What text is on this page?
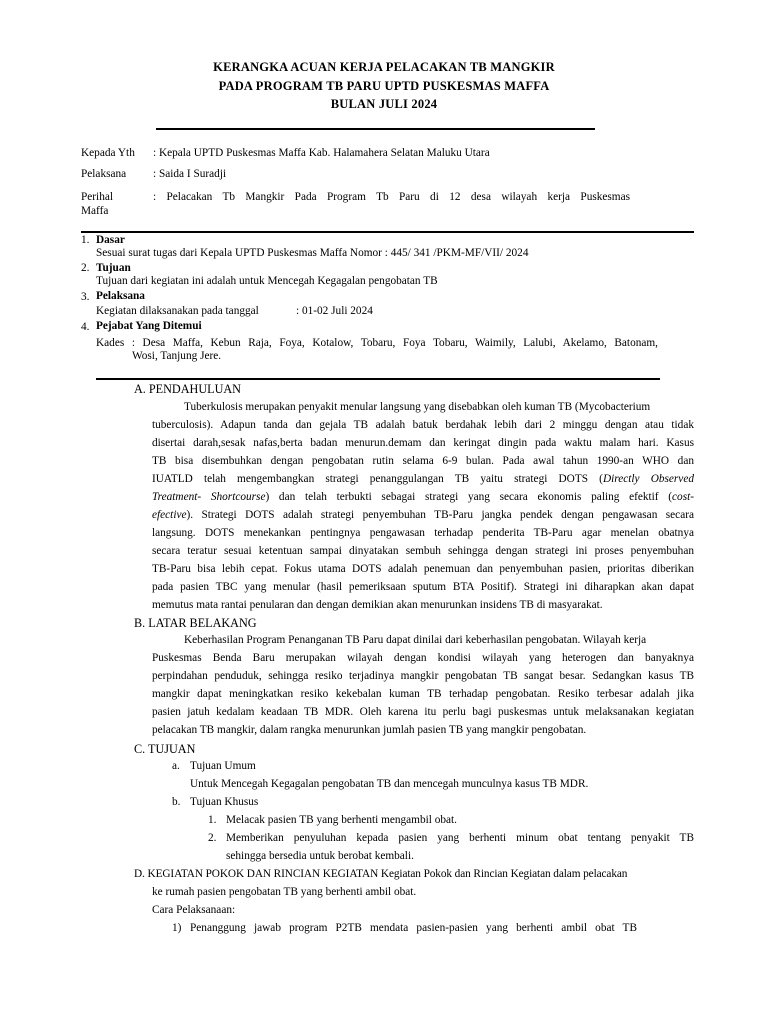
KERANGKA ACUAN KERJA PELACAKAN TB MANGKIR
PADA PROGRAM TB PARU UPTD PUSKESMAS MAFFA
BULAN JULI 2024
Kepada Yth : Kepala UPTD Puskesmas Maffa Kab. Halamahera Selatan Maluku Utara
Pelaksana : Saida I Suradji
Perihal	: Pelacakan Tb Mangkir Pada Program Tb Paru di 12 desa wilayah kerja Puskesmas
Maffa
1. Dasar
Sesuai surat tugas dari Kepala UPTD Puskesmas Maffa Nomor : 445/ 341 /PKM-MF/VII/ 2024
2. Tujuan
Tujuan dari kegiatan ini adalah untuk Mencegah Kegagalan pengobatan TB
3. Pelaksana
Kegiatan dilaksanakan pada tanggal	: 01-02 Juli 2024
4. Pejabat Yang Ditemui
Kades : Desa Maffa, Kebun Raja, Foya, Kotalow, Tobaru, Foya Tobaru, Waimily, Lalubi, Akelamo, Batonam,
Wosi, Tanjung Jere.
A. PENDAHULUAN
Tuberkulosis merupakan penyakit menular langsung yang disebabkan oleh kuman TB (Mycobacterium
tuberculosis). Adapun tanda dan gejala TB adalah batuk berdahak lebih dari 2 minggu dengan atau tidak
disertai darah,sesak nafas,berta badan menurun.demam dan keringat dingin pada waktu malam hari. Kasus
TB bisa disembuhkan dengan pengobatan rutin selama 6-9 bulan. Pada awal tahun 1990-an WHO dan
IUATLD telah mengembangkan strategi penanggulangan TB yaitu strategi DOTS (Directly Observed
Treatment- Shortcourse) dan telah terbukti sebagai strategi yang secara ekonomis paling efektif (cost-
efective). Strategi DOTS adalah strategi penyembuhan TB-Paru jangka pendek dengan pengawasan secara
langsung. DOTS menekankan pentingnya pengawasan terhadap penderita TB-Paru agar menelan obatnya
secara teratur sesuai ketentuan sampai dinyatakan sembuh sehingga dengan strategi ini proses penyembuhan
TB-Paru bisa lebih cepat. Fokus utama DOTS adalah penemuan dan penyembuhan pasien, prioritas diberikan
pada pasien TBC yang menular (hasil pemeriksaan sputum BTA Positif). Strategi ini diharapkan akan dapat
memutus mata rantai penularan dan dengan demikian akan menurunkan insidens TB di masyarakat.
B. LATAR BELAKANG
Keberhasilan Program Penanganan TB Paru dapat dinilai dari keberhasilan pengobatan. Wilayah kerja
Puskesmas Benda Baru merupakan wilayah dengan kondisi wilayah yang heterogen dan banyaknya
perpindahan penduduk, sehingga resiko terjadinya mangkir pengobatan TB sangat besar. Sedangkan kasus TB
mangkir dapat meningkatkan resiko kekebalan kuman TB terhadap pengobatan. Resiko terbesar adalah jika
pasien jatuh kedalam keadaan TB MDR. Oleh karena itu perlu bagi puskesmas untuk melaksanakan kegiatan
pelacakan TB mangkir, dalam rangka menurunkan jumlah pasien TB yang mangkir pengobatan.
C. TUJUAN
a. Tujuan Umum
Untuk Mencegah Kegagalan pengobatan TB dan mencegah munculnya kasus TB MDR.
b. Tujuan Khusus
1. Melacak pasien TB yang berhenti mengambil obat.
2. Memberikan penyuluhan kepada pasien yang berhenti minum obat tentang penyakit TB
sehingga bersedia untuk berobat kembali.
D. KEGIATAN POKOK DAN RINCIAN KEGIATAN Kegiatan Pokok dan Rincian Kegiatan dalam pelacakan
ke rumah pasien pengobatan TB yang berhenti ambil obat.
Cara Pelaksanaan:
1) Penanggung jawab program P2TB mendata pasien-pasien yang berhenti ambil obat TB
